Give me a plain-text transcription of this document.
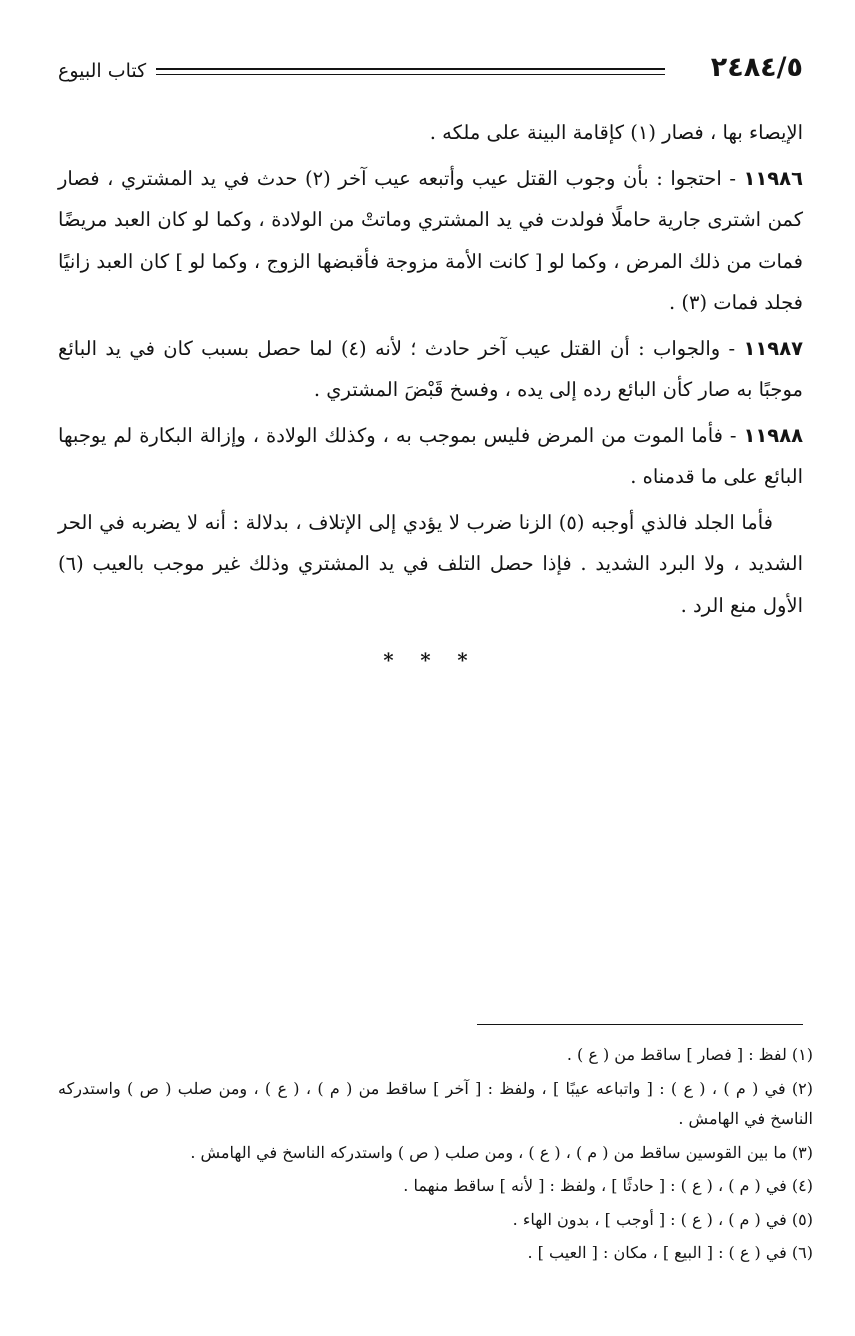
٢٤٨٤/٥
كتاب البيوع

الإيصاء بها ، فصار (١) كإقامة البينة على ملكه .

١١٩٨٦ - احتجوا : بأن وجوب القتل عيب وأتبعه عيب آخر (٢) حدث في يد المشتري ، فصار كمن اشترى جارية حاملًا فولدت في يد المشتري وماتتْ من الولادة ، وكما لو كان العبد مريضًا فمات من ذلك المرض ، وكما لو [ كانت الأمة مزوجة فأقبضها الزوج ، وكما لو ] كان العبد زانيًا فجلد فمات (٣) .

١١٩٨٧ - والجواب : أن القتل عيب آخر حادث ؛ لأنه (٤) لما حصل بسبب كان في يد البائع موجبًا به صار كأن البائع رده إلى يده ، وفسخ قَبْضَ المشتري .

١١٩٨٨ - فأما الموت من المرض فليس بموجب به ، وكذلك الولادة ، وإزالة البكارة لم يوجبها البائع على ما قدمناه .

فأما الجلد فالذي أوجبه (٥) الزنا ضرب لا يؤدي إلى الإتلاف ، بدلالة : أنه لا يضربه في الحر الشديد ، ولا البرد الشديد . فإذا حصل التلف في يد المشتري وذلك غير موجب بالعيب (٦) الأول منع الرد .

* * *

(١) لفظ : [ فصار ] ساقط من ( ع ) .

(٢) في ( م ) ، ( ع ) : [ واتباعه عيبًا ] ، ولفظ : [ آخر ] ساقط من ( م ) ، ( ع ) ، ومن صلب ( ص ) واستدركه الناسخ في الهامش .

(٣) ما بين القوسين ساقط من ( م ) ، ( ع ) ، ومن صلب ( ص ) واستدركه الناسخ في الهامش .

(٤) في ( م ) ، ( ع ) : [ حادثًا ] ، ولفظ : [ لأنه ] ساقط منهما .

(٥) في ( م ) ، ( ع ) : [ أوجب ] ، بدون الهاء .

(٦) في ( ع ) : [ البيع ] ، مكان : [ العيب ] .
